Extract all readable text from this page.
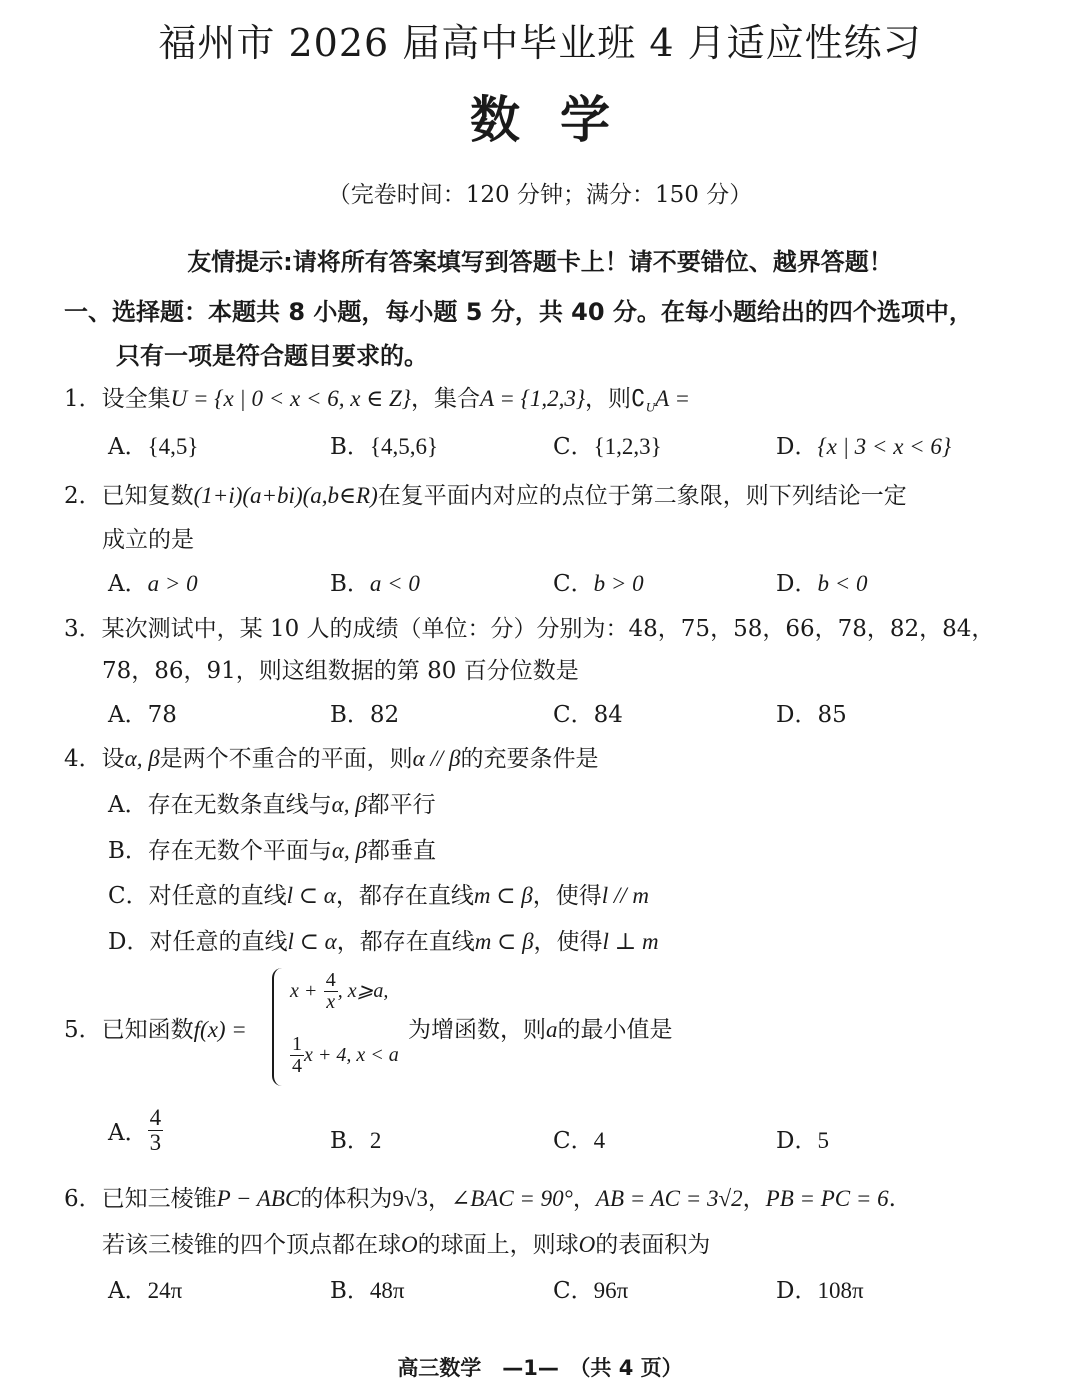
福州市 2026 届高中毕业班 4 月适应性练习
数学
（完卷时间：120 分钟；满分：150 分）
友情提示:请将所有答案填写到答题卡上！请不要错位、越界答题！
一、选择题：本题共 8 小题，每小题 5 分，共 40 分。在每小题给出的四个选项中，
只有一项是符合题目要求的。
1．设全集U = {x | 0 < x < 6, x ∈ Z}，集合A = {1,2,3}，则$∁_UA$ =
A．{4,5}	B．{4,5,6}	C．{1,2,3}	D．{x | 3 < x < 6}
2．已知复数(1+i)(a+bi)(a,b∈R)在复平面内对应的点位于第二象限，则下列结论一定
成立的是
A．a > 0	B．a < 0	C．b > 0	D．b < 0
3．某次测试中，某 10 人的成绩（单位：分）分别为：48，75，58，66，78，82，84，
78，86，91，则这组数据的第 80 百分位数是
A．78	B．82	C．84	D．85
4．设α, β是两个不重合的平面，则α // β的充要条件是
A．存在无数条直线与α, β都平行
B．存在无数个平面与α, β都垂直
C．对任意的直线l ⊂ α，都存在直线m ⊂ β，使得l // m
D．对任意的直线l ⊂ α，都存在直线m ⊂ β，使得l ⊥ m
5．已知函数f(x) =
$x + \frac{4}{x}$ , x⩾a,
$\frac{1}{4}$ x + 4, x < a
为增函数，则a的最小值是
A． $\frac{4}{3}$	B．2	C．4	D．5
6．已知三棱锥P − ABC的体积为9√3，∠BAC = 90°，AB = AC = 3√2，PB = PC = 6.
若该三棱锥的四个顶点都在球O的球面上，则球O的表面积为
A．24π	B．48π	C．96π	D．108π
高三数学　—1—　（共 4 页）
